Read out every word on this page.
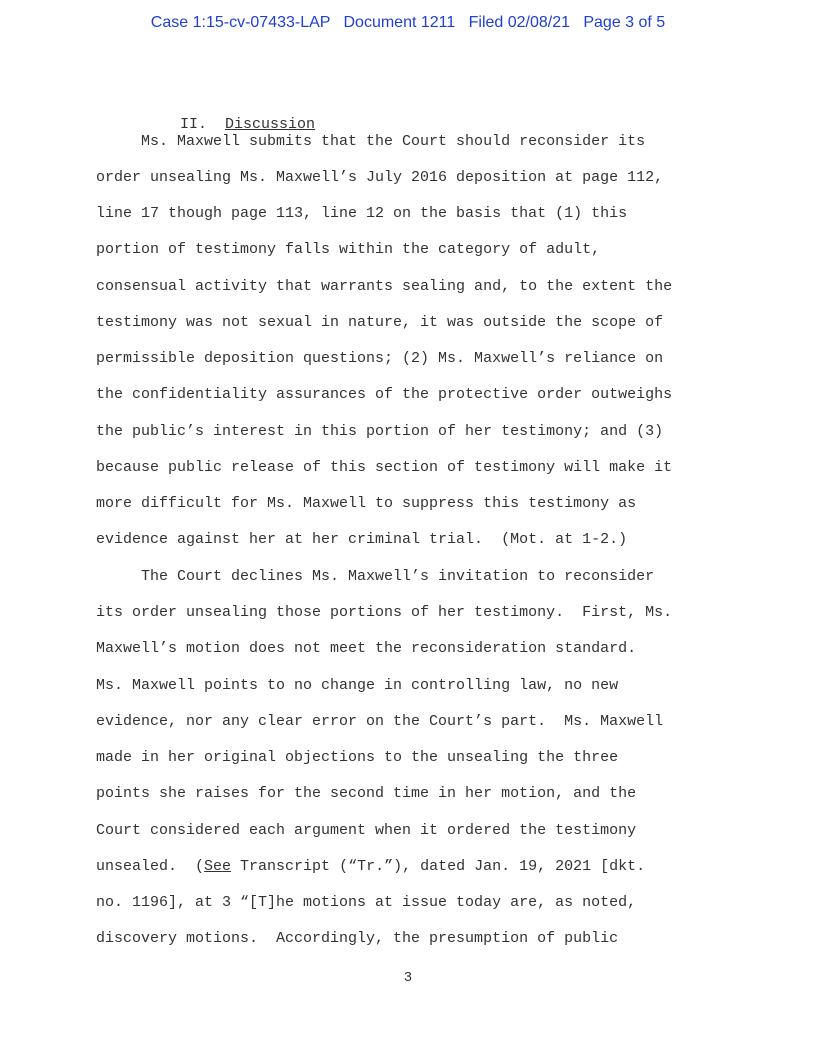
Case 1:15-cv-07433-LAP   Document 1211   Filed 02/08/21   Page 3 of 5

II. Discussion

Ms. Maxwell submits that the Court should reconsider its

order unsealing Ms. Maxwell’s July 2016 deposition at page 112,

line 17 though page 113, line 12 on the basis that (1) this

portion of testimony falls within the category of adult,

consensual activity that warrants sealing and, to the extent the

testimony was not sexual in nature, it was outside the scope of

permissible deposition questions; (2) Ms. Maxwell’s reliance on

the confidentiality assurances of the protective order outweighs

the public’s interest in this portion of her testimony; and (3)

because public release of this section of testimony will make it

more difficult for Ms. Maxwell to suppress this testimony as

evidence against her at her criminal trial.  (Mot. at 1-2.)

The Court declines Ms. Maxwell’s invitation to reconsider

its order unsealing those portions of her testimony.  First, Ms.

Maxwell’s motion does not meet the reconsideration standard.

Ms. Maxwell points to no change in controlling law, no new

evidence, nor any clear error on the Court’s part.  Ms. Maxwell

made in her original objections to the unsealing the three

points she raises for the second time in her motion, and the

Court considered each argument when it ordered the testimony

unsealed.  (See Transcript (“Tr.”), dated Jan. 19, 2021 [dkt.

no. 1196], at 3 “[T]he motions at issue today are, as noted,

discovery motions.  Accordingly, the presumption of public

3
